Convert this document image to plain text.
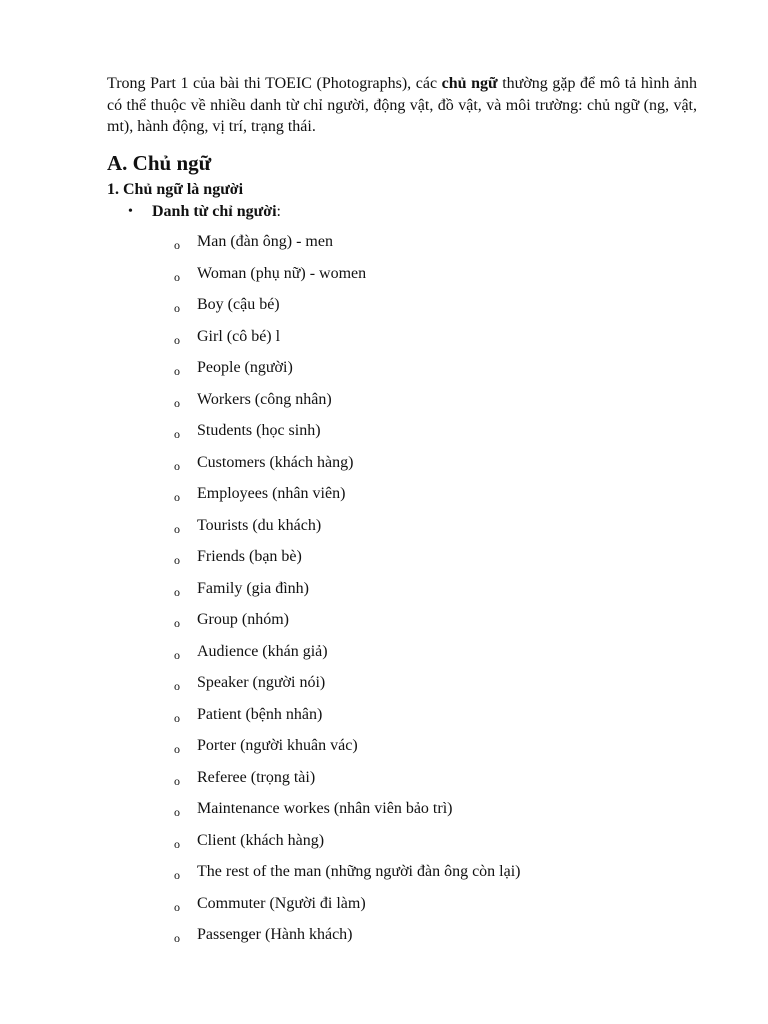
Trong Part 1 của bài thi TOEIC (Photographs), các chủ ngữ thường gặp để mô tả hình ảnh có thể thuộc về nhiều danh từ chỉ người, động vật, đồ vật, và môi trường: chủ ngữ (ng, vật, mt), hành động, vị trí, trạng thái.

A. Chủ ngữ
1. Chủ ngữ là người
• Danh từ chỉ người:
o Man (đàn ông) - men
o Woman (phụ nữ) - women
o Boy (cậu bé)
o Girl (cô bé) l
o People (người)
o Workers (công nhân)
o Students (học sinh)
o Customers (khách hàng)
o Employees (nhân viên)
o Tourists (du khách)
o Friends (bạn bè)
o Family (gia đình)
o Group (nhóm)
o Audience (khán giả)
o Speaker (người nói)
o Patient (bệnh nhân)
o Porter (người khuân vác)
o Referee (trọng tài)
o Maintenance workes (nhân viên bảo trì)
o Client (khách hàng)
o The rest of the man (những người đàn ông còn lại)
o Commuter (Người đi làm)
o Passenger (Hành khách)
